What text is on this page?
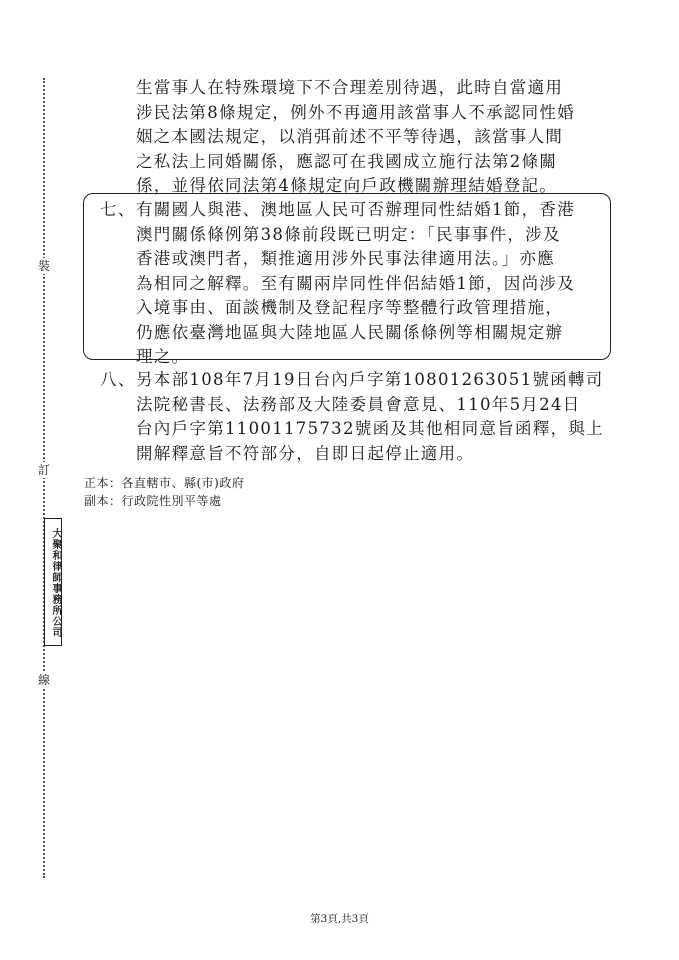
裝
訂
線
大聚和律師事務所公司
生當事人在特殊環境下不合理差別待遇，此時自當適用
涉民法第8條規定，例外不再適用該當事人不承認同性婚
姻之本國法規定，以消弭前述不平等待遇，該當事人間
之私法上同婚關係，應認可在我國成立施行法第2條關
係，並得依同法第4條規定向戶政機關辦理結婚登記。
七、 有關國人與港、澳地區人民可否辦理同性結婚1節，香港
澳門關係條例第38條前段既已明定：「民事事件，涉及
香港或澳門者，類推適用涉外民事法律適用法。」亦應
為相同之解釋。至有關兩岸同性伴侶結婚1節，因尚涉及
入境事由、面談機制及登記程序等整體行政管理措施，
仍應依臺灣地區與大陸地區人民關係條例等相關規定辦
理之。
八、 另本部108年7月19日台內戶字第10801263051號函轉司
法院秘書長、法務部及大陸委員會意見、110年5月24日
台內戶字第11001175732號函及其他相同意旨函釋，與上
開解釋意旨不符部分，自即日起停止適用。
正本：各直轄市、縣(市)政府
副本：行政院性別平等處
第3頁,共3頁
